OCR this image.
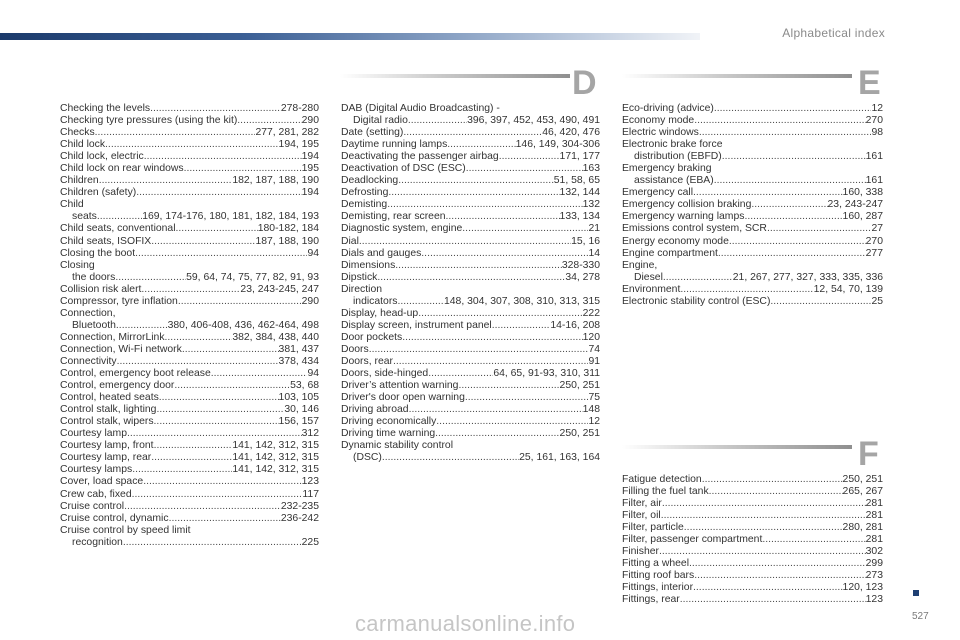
Alphabetical index
D	E
F
Checking the levels .....	278-280
Checking tyre pressures (using the kit) .....	290
Checks .....	277, 281, 282
Child lock .....	194, 195
Child lock, electric .....	194
Child lock on rear windows .....	195
Children .....	182, 187, 188, 190
Children (safety) .....	194
Child
seats .....	169, 174-176, 180, 181, 182, 184, 193
Child seats, conventional .....	180-182, 184
Child seats, ISOFIX .....	187, 188, 190
Closing the boot .....	94
Closing
the doors .....	59, 64, 74, 75, 77, 82, 91, 93
Collision risk alert .....	23, 243-245, 247
Compressor, tyre inflation .....	290
Connection,
Bluetooth .....	380, 406-408, 436, 462-464, 498
Connection, MirrorLink .....	382, 384, 438, 440
Connection, Wi-Fi network .....	381, 437
Connectivity .....	378, 434
Control, emergency boot release .....	94
Control, emergency door .....	53, 68
Control, heated seats .....	103, 105
Control stalk, lighting .....	30, 146
Control stalk, wipers .....	156, 157
Courtesy lamp .....	312
Courtesy lamp, front .....	141, 142, 312, 315
Courtesy lamp, rear .....	141, 142, 312, 315
Courtesy lamps .....	141, 142, 312, 315
Cover, load space .....	123
Crew cab, fixed .....	117
Cruise control .....	232-235
Cruise control, dynamic .....	236-242
Cruise control by speed limit
recognition .....	225
DAB (Digital Audio Broadcasting) -
Digital radio .....	396, 397, 452, 453, 490, 491
Date (setting) .....	46, 420, 476
Daytime running lamps .....	146, 149, 304-306
Deactivating the passenger airbag .....	171, 177
Deactivation of DSC (ESC) .....	163
Deadlocking .....	51, 58, 65
Defrosting .....	132, 144
Demisting .....	132
Demisting, rear screen .....	133, 134
Diagnostic system, engine .....	21
Dial .....	15, 16
Dials and gauges .....	14
Dimensions .....	328-330
Dipstick .....	34, 278
Direction
indicators .....	148, 304, 307, 308, 310, 313, 315
Display, head-up .....	222
Display screen, instrument panel .....	14-16, 208
Door pockets .....	120
Doors .....	74
Doors, rear .....	91
Doors, side-hinged .....	64, 65, 91-93, 310, 311
Driver’s attention warning .....	250, 251
Driver's door open warning .....	75
Driving abroad .....	148
Driving economically .....	12
Driving time warning .....	250, 251
Dynamic stability control
(DSC) .....	25, 161, 163, 164
Eco-driving (advice) .....	12
Economy mode .....	270
Electric windows .....	98
Electronic brake force
distribution (EBFD) .....	161
Emergency braking
assistance (EBA) .....	161
Emergency call .....	160, 338
Emergency collision braking .....	23, 243-247
Emergency warning lamps .....	160, 287
Emissions control system, SCR .....	27
Energy economy mode .....	270
Engine compartment .....	277
Engine,
Diesel .....	21, 267, 277, 327, 333, 335, 336
Environment .....	12, 54, 70, 139
Electronic stability control (ESC) .....	25
Fatigue detection .....	250, 251
Filling the fuel tank .....	265, 267
Filter, air .....	281
Filter, oil .....	281
Filter, particle .....	280, 281
Filter, passenger compartment .....	281
Finisher .....	302
Fitting a wheel .....	299
Fitting roof bars .....	273
Fittings, interior .....	120, 123
Fittings, rear .....	123
carmanualsonline.info	527
